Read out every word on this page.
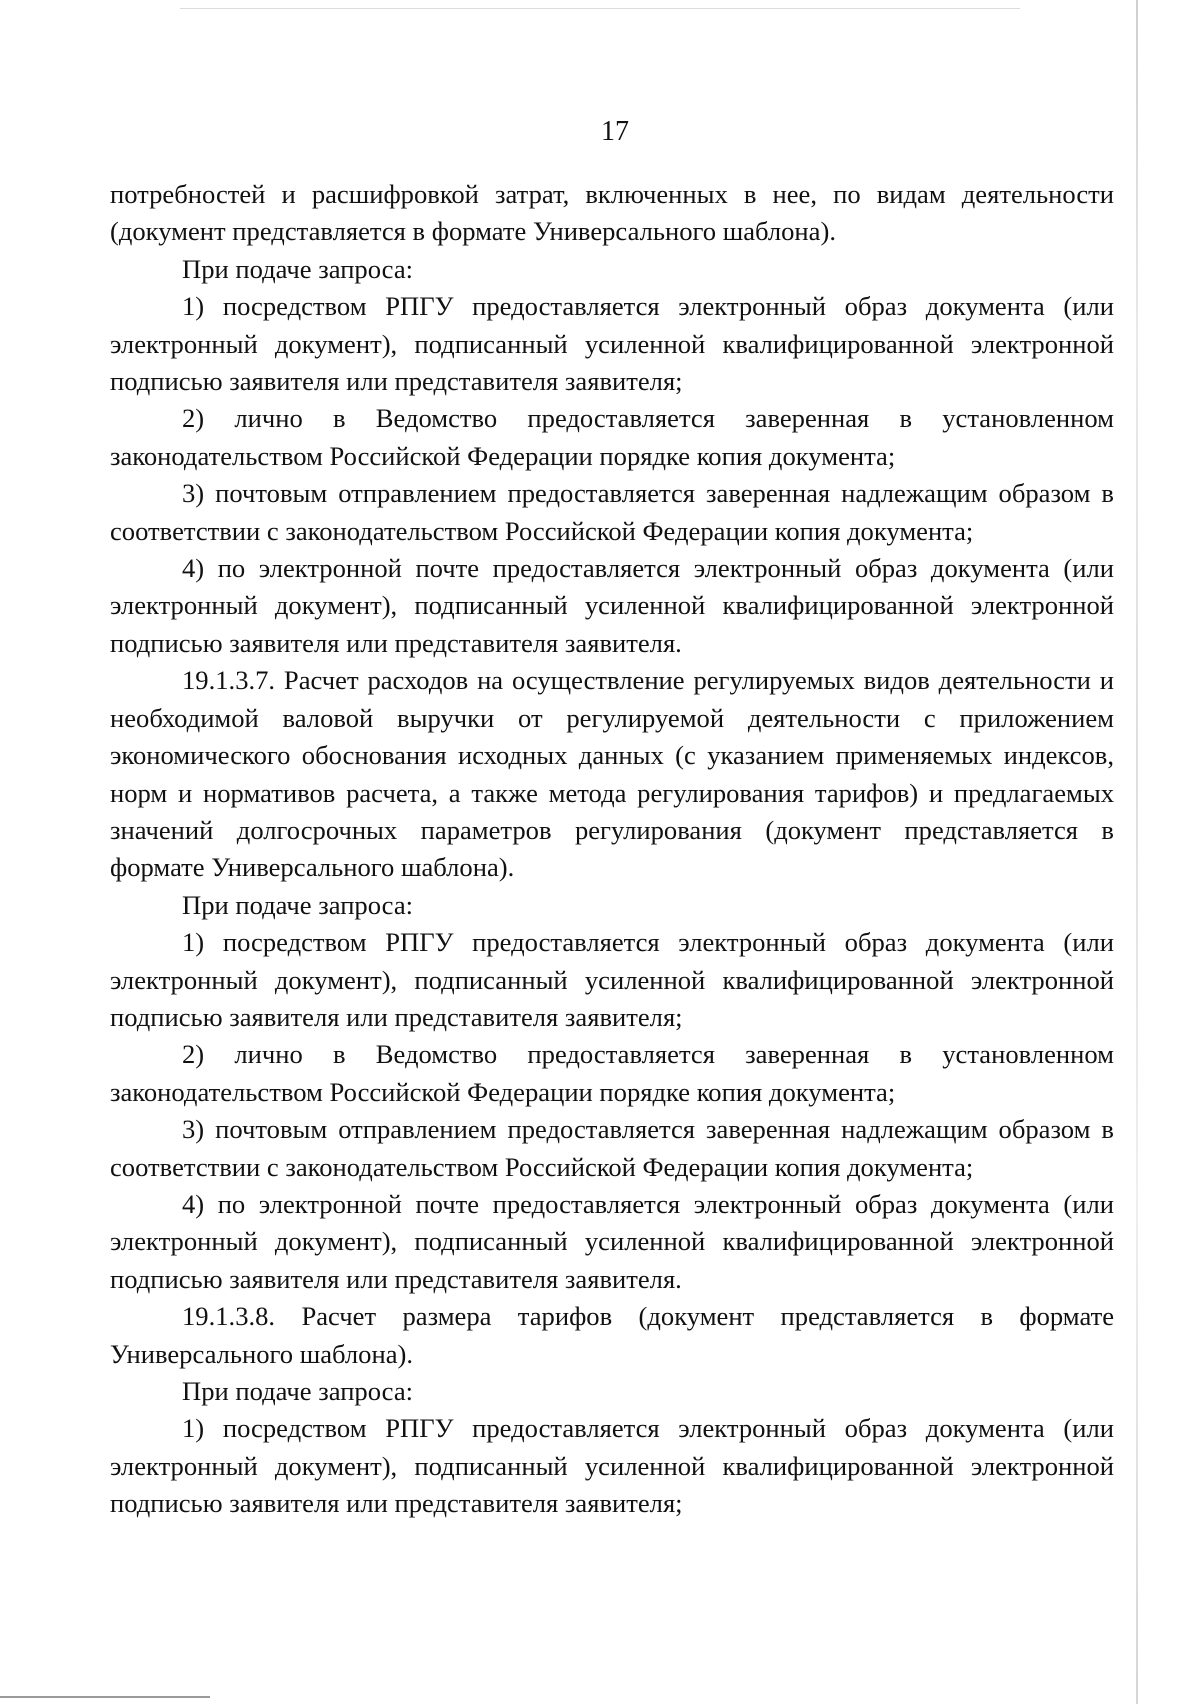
17

потребностей и расшифровкой затрат, включенных в нее, по видам деятельности (документ представляется в формате Универсального шаблона).

При подаче запроса:

1) посредством РПГУ предоставляется электронный образ документа (или электронный документ), подписанный усиленной квалифицированной электронной подписью заявителя или представителя заявителя;

2) лично в Ведомство предоставляется заверенная в установленном законодательством Российской Федерации порядке копия документа;

3) почтовым отправлением предоставляется заверенная надлежащим образом в соответствии с законодательством Российской Федерации копия документа;

4) по электронной почте предоставляется электронный образ документа (или электронный документ), подписанный усиленной квалифицированной электронной подписью заявителя или представителя заявителя.

19.1.3.7. Расчет расходов на осуществление регулируемых видов деятельности и необходимой валовой выручки от регулируемой деятельности с приложением экономического обоснования исходных данных (с указанием применяемых индексов, норм и нормативов расчета, а также метода регулирования тарифов) и предлагаемых значений долгосрочных параметров регулирования (документ представляется в формате Универсального шаблона).

При подаче запроса:

1) посредством РПГУ предоставляется электронный образ документа (или электронный документ), подписанный усиленной квалифицированной электронной подписью заявителя или представителя заявителя;

2) лично в Ведомство предоставляется заверенная в установленном законодательством Российской Федерации порядке копия документа;

3) почтовым отправлением предоставляется заверенная надлежащим образом в соответствии с законодательством Российской Федерации копия документа;

4) по электронной почте предоставляется электронный образ документа (или электронный документ), подписанный усиленной квалифицированной электронной подписью заявителя или представителя заявителя.

19.1.3.8. Расчет размера тарифов (документ представляется в формате Универсального шаблона).

При подаче запроса:

1) посредством РПГУ предоставляется электронный образ документа (или электронный документ), подписанный усиленной квалифицированной электронной подписью заявителя или представителя заявителя;
